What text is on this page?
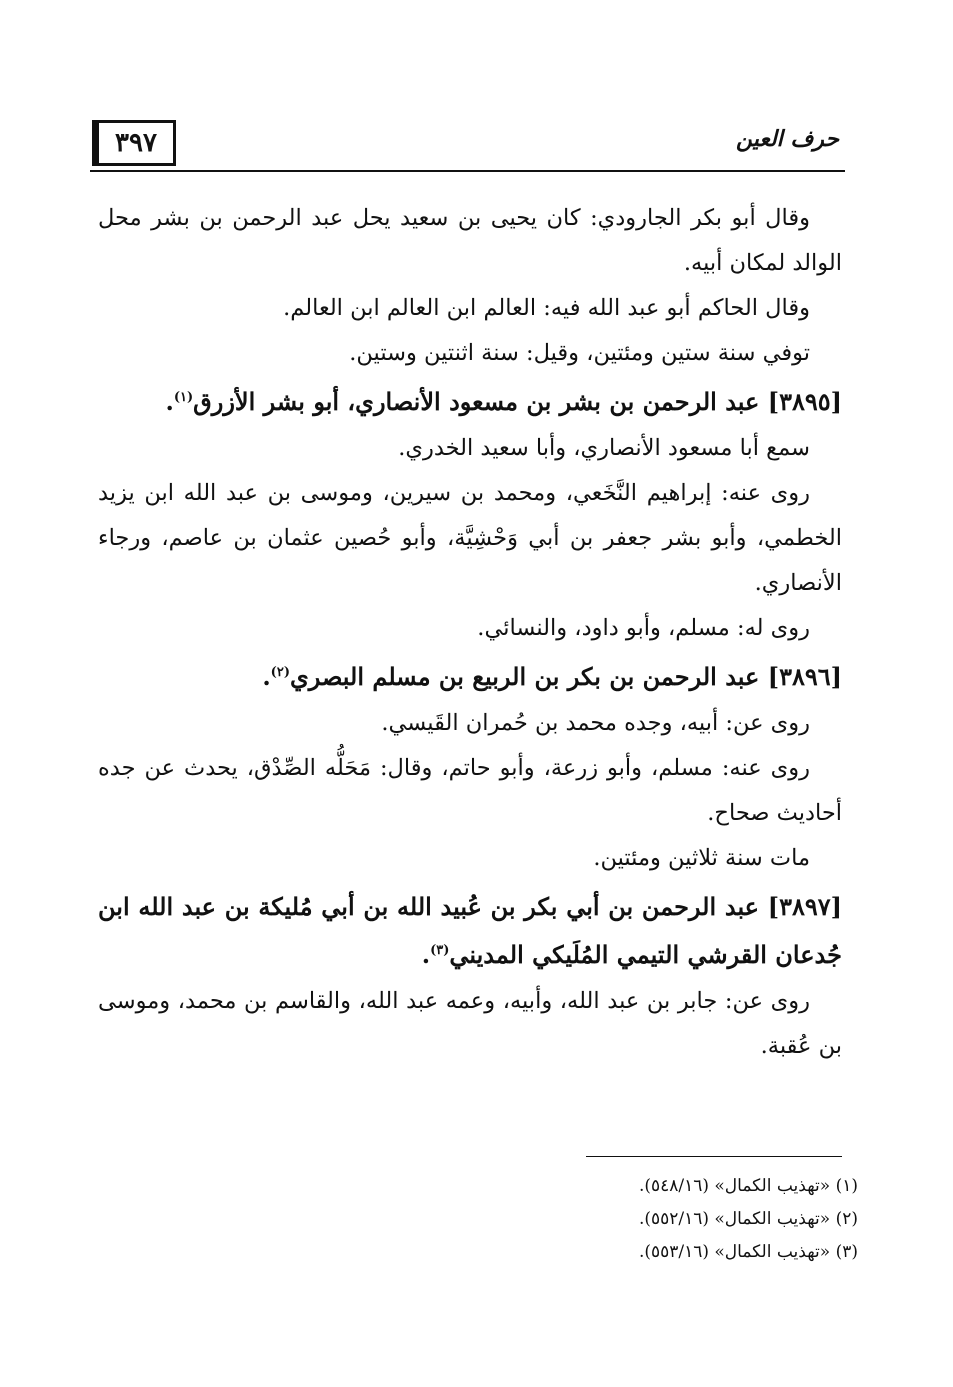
٣٩٧	حرف العين

وقال أبو بكر الجارودي: كان يحيى بن سعيد يحل عبد الرحمن بن بشر محل الوالد لمكان أبيه.

وقال الحاكم أبو عبد الله فيه: العالم ابن العالم ابن العالم.

توفي سنة ستين ومئتين، وقيل: سنة اثنتين وستين.

[٣٨٩٥] عبد الرحمن بن بشر بن مسعود الأنصاري، أبو بشر الأزرق$^{(١)}$.

سمع أبا مسعود الأنصاري، وأبا سعيد الخدري.

روى عنه: إبراهيم النَّخَعي، ومحمد بن سيرين، وموسى بن عبد الله ابن يزيد الخطمي، وأبو بشر جعفر بن أبي وَحْشِيَّة، وأبو حُصين عثمان بن عاصم، ورجاء الأنصاري.

روى له: مسلم، وأبو داود، والنسائي.

[٣٨٩٦] عبد الرحمن بن بكر بن الربيع بن مسلم البصري$^{(٢)}$.

روى عن: أبيه، وجده محمد بن حُمران القَيسي.

روى عنه: مسلم، وأبو زرعة، وأبو حاتم، وقال: مَحَلُّه الصِّدْق، يحدث عن جده أحاديث صحاح.

مات سنة ثلاثين ومئتين.

[٣٨٩٧] عبد الرحمن بن أبي بكر بن عُبيد الله بن أبي مُليكة بن عبد الله ابن جُدعان القرشي التيمي المُلَيكي المديني$^{(٣)}$.

روى عن: جابر بن عبد الله، وأبيه، وعمه عبد الله، والقاسم بن محمد، وموسى بن عُقبة.

(١) «تهذيب الكمال» (٥٤٨/١٦).
(٢) «تهذيب الكمال» (٥٥٢/١٦).
(٣) «تهذيب الكمال» (٥٥٣/١٦).
